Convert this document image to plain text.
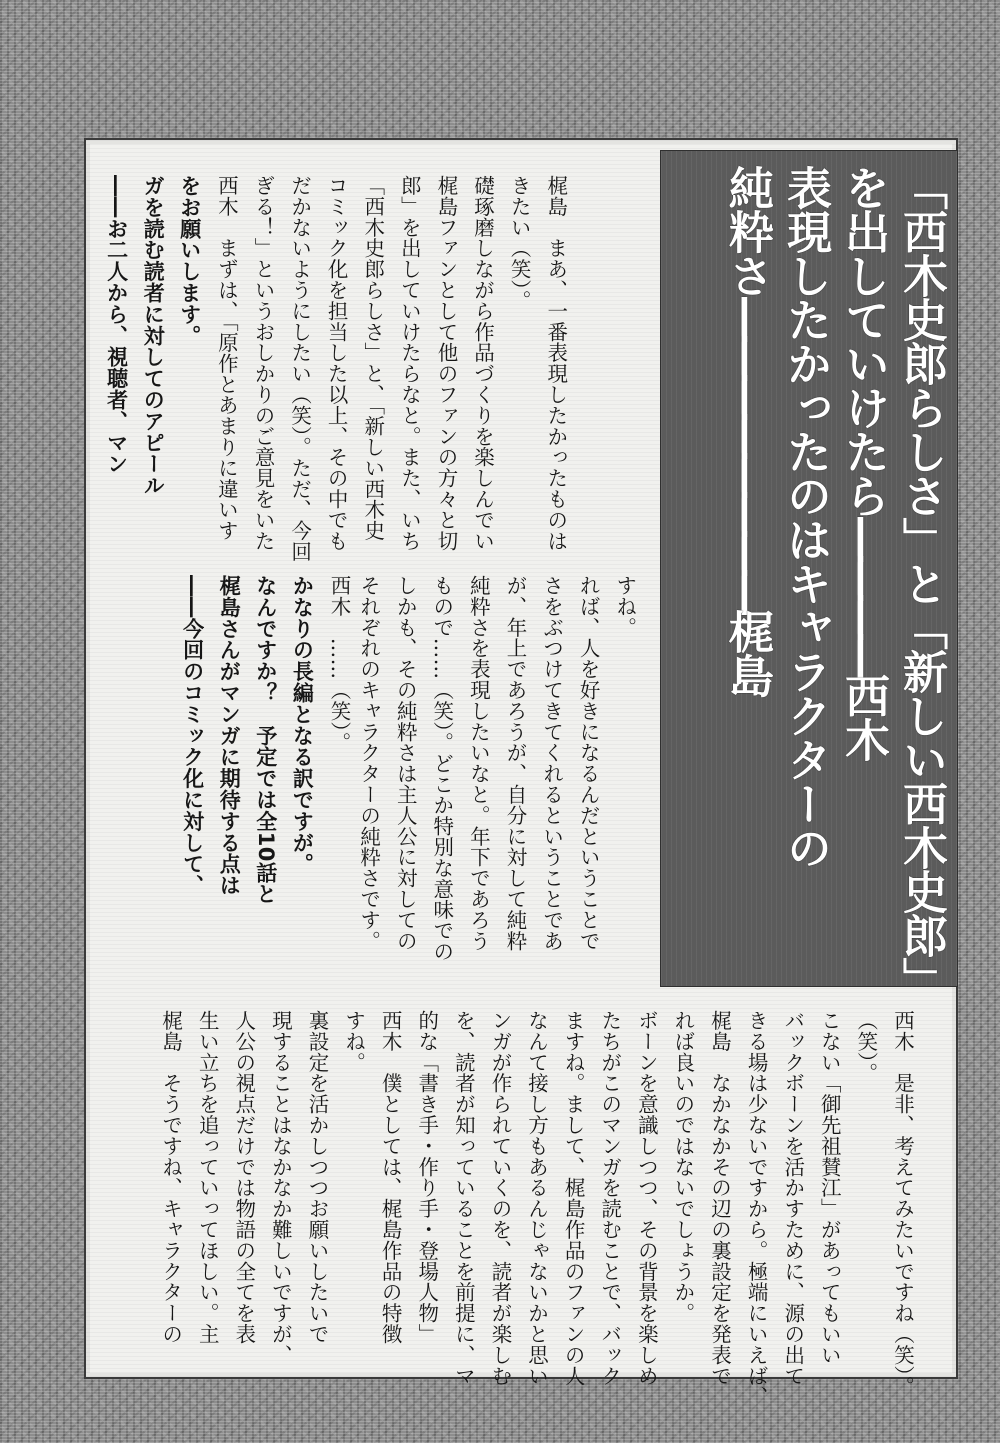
「西木史郎らしさ」と「新しい西木史郎」
を出していけたら――――西木
表現したかったのはキャラクターの
純粋さ――――――――梶島
梶島　まあ、一番表現したかったものは
きたい（笑）。
礎琢磨しながら作品づくりを楽しんでい
梶島ファンとして他のファンの方々と切
郎」を出していけたらなと。また、いち
「西木史郎らしさ」と、「新しい西木史
コミック化を担当した以上、その中でも
だかないようにしたい（笑）。ただ、今回
ぎる！」というおしかりのご意見をいた
西木　まずは、「原作とあまりに違いす
をお願いします。
ガを読む読者に対してのアピール
――お二人から、視聴者、マン
西木　……（笑）。
かなりの長編となる訳ですが。
なんですか？　予定では全10話と
梶島さんがマンガに期待する点は
――今回のコミック化に対して、	すね。
れば、人を好きになるんだということで
さをぶつけてきてくれるということであ
が、年上であろうが、自分に対して純粋
純粋さを表現したいなと。年下であろう
もので……（笑）。どこか特別な意味での
しかも、その純粋さは主人公に対しての
それぞれのキャラクターの純粋さです。
西木　是非、考えてみたいですね（笑）。
（笑）。
こない「御先祖賛江」があってもいい
バックボーンを活かすために、源の出て
きる場は少ないですから。極端にいえば、
梶島　なかなかその辺の裏設定を発表で
れば良いのではないでしょうか。
ボーンを意識しつつ、その背景を楽しめ
たちがこのマンガを読むことで、バック
ますね。まして、梶島作品のファンの人
なんて接し方もあるんじゃないかと思い
ンガが作られていくのを、読者が楽しむ
を、読者が知っていることを前提に、マ
的な「書き手・作り手・登場人物」
西木　僕としては、梶島作品の特徴
すね。
裏設定を活かしつつお願いしたいで
現することはなかなか難しいですが、
人公の視点だけでは物語の全てを表
生い立ちを追っていってほしい。主
梶島　そうですね、キャラクターの
